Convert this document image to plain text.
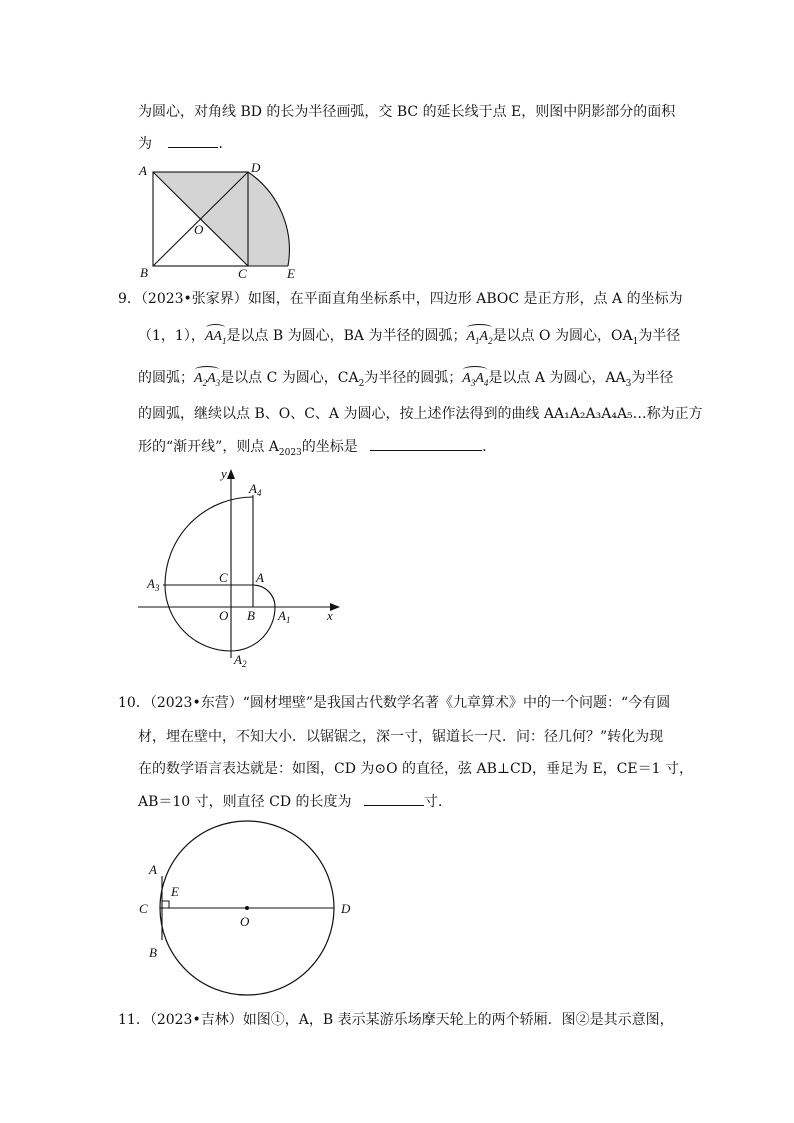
为圆心，对角线 BD 的长为半径画弧，交 BC 的延长线于点 E，则图中阴影部分的面积
为	．
A	D
O
B	C	E
9．（2023•张家界）如图，在平面直角坐标系中，四边形 ABOC 是正方形，点 A 的坐标为
（1，1），$AA_1$是以点 B 为圆心，BA 为半径的圆弧；$A_1A_2$是以点 O 为圆心，$OA_1$为半径
的圆弧；$A_2A_3$是以点 C 为圆心，$CA_2$为半径的圆弧；$A_3A_4$是以点 A 为圆心，$AA_3$为半径
的圆弧，继续以点 B、O、C、A 为圆心，按上述作法得到的曲线 AA₁A₂A₃A₄A₅…称为正方
形的“渐开线”，则点 $A_{2023}$的坐标是	．
y
$A_4$
C A
$A_3$
O B $A_1$	x
$A_2$
10．（2023•东营）“圆材埋壁”是我国古代数学名著《九章算术》中的一个问题：“今有圆
材，埋在壁中，不知大小．以锯锯之，深一寸，锯道长一尺．问：径几何？”转化为现
在的数学语言表达就是：如图，CD 为⊙O 的直径，弦 AB⊥CD，垂足为 E，CE＝1 寸，
AB＝10 寸，则直径 CD 的长度为	寸．
A
E
C
O
D
B
11．（2023•吉林）如图①，A，B 表示某游乐场摩天轮上的两个轿厢．图②是其示意图，
